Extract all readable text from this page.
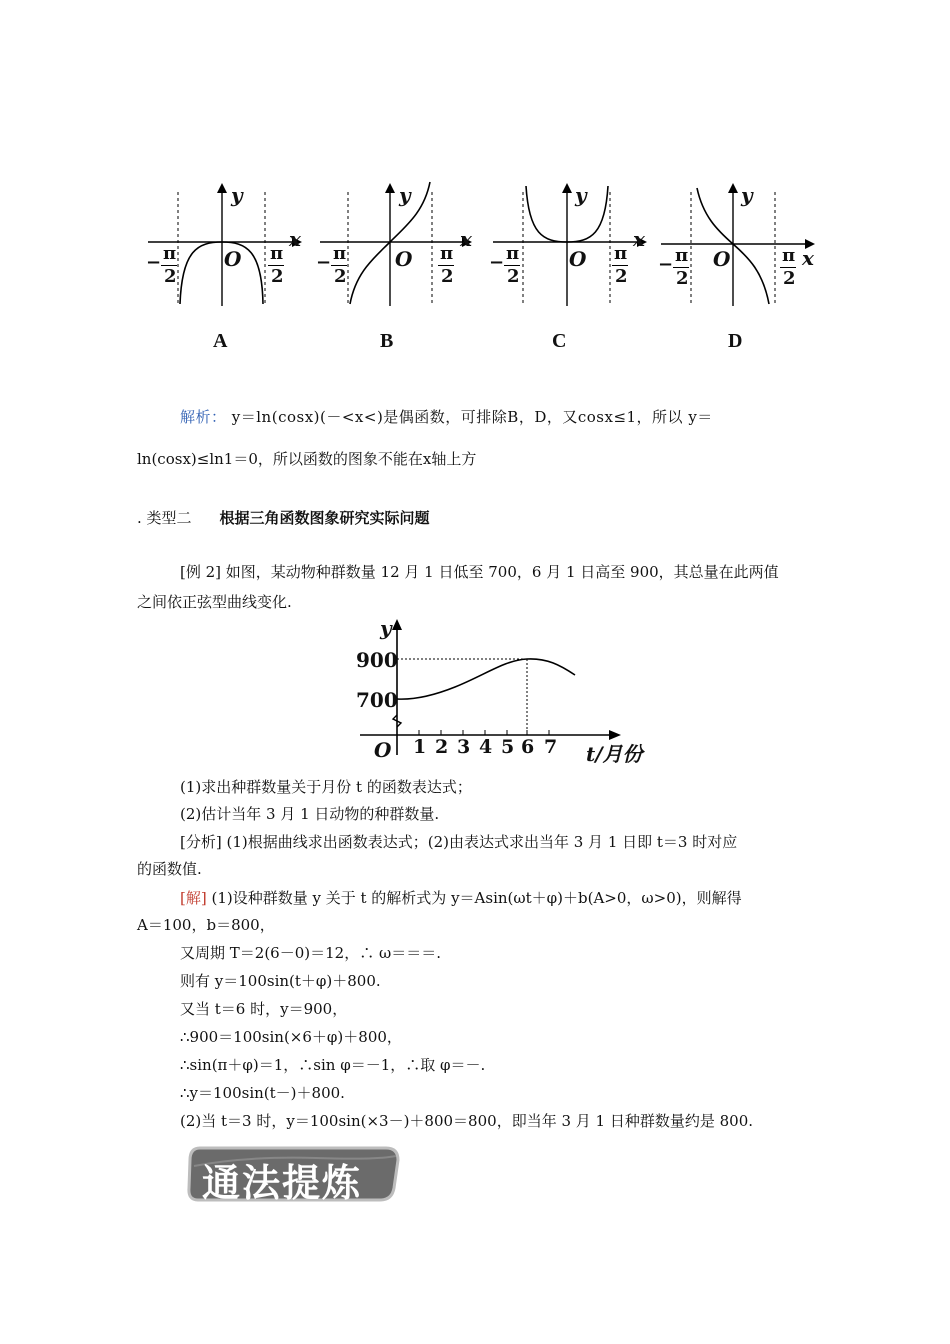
y
x
O
− π
2
π
2
A
y
x
O
− π
2
π
2
B
y
x
O
− π
2
π
2
C
y
x
O
− π
2
π
2
D
解析： y＝ln(cosx)(－<x<)是偶函数，可排除B，D，又cosx≤1，所以 y＝
ln(cosx)≤ln1＝0，所以函数的图象不能在x轴上方
. 类型二 根据三角函数图象研究实际问题
[例 2] 如图，某动物种群数量 12 月 1 日低至 700，6 月 1 日高至 900，其总量在此两值
之间依正弦型曲线变化.
y
900
700
O 1 2 3 4 5 6 7 t/月份
(1)求出种群数量关于月份 t 的函数表达式；
(2)估计当年 3 月 1 日动物的种群数量.
[分析] (1)根据曲线求出函数表达式；(2)由表达式求出当年 3 月 1 日即 t＝3 时对应
的函数值.
[解] (1)设种群数量 y 关于 t 的解析式为 y＝Asin(ωt＋φ)＋b(A>0，ω>0)，则解得
A＝100，b＝800，
又周期 T＝2(6－0)＝12，∴ ω＝＝＝.
则有 y＝100sin(t＋φ)＋800.
又当 t＝6 时，y＝900，
∴900＝100sin(×6＋φ)＋800，
∴sin(π＋φ)＝1，∴sin φ＝－1，∴取 φ＝－.
∴y＝100sin(t－)＋800.
(2)当 t＝3 时，y＝100sin(×3－)＋800＝800，即当年 3 月 1 日种群数量约是 800.
通法提炼
